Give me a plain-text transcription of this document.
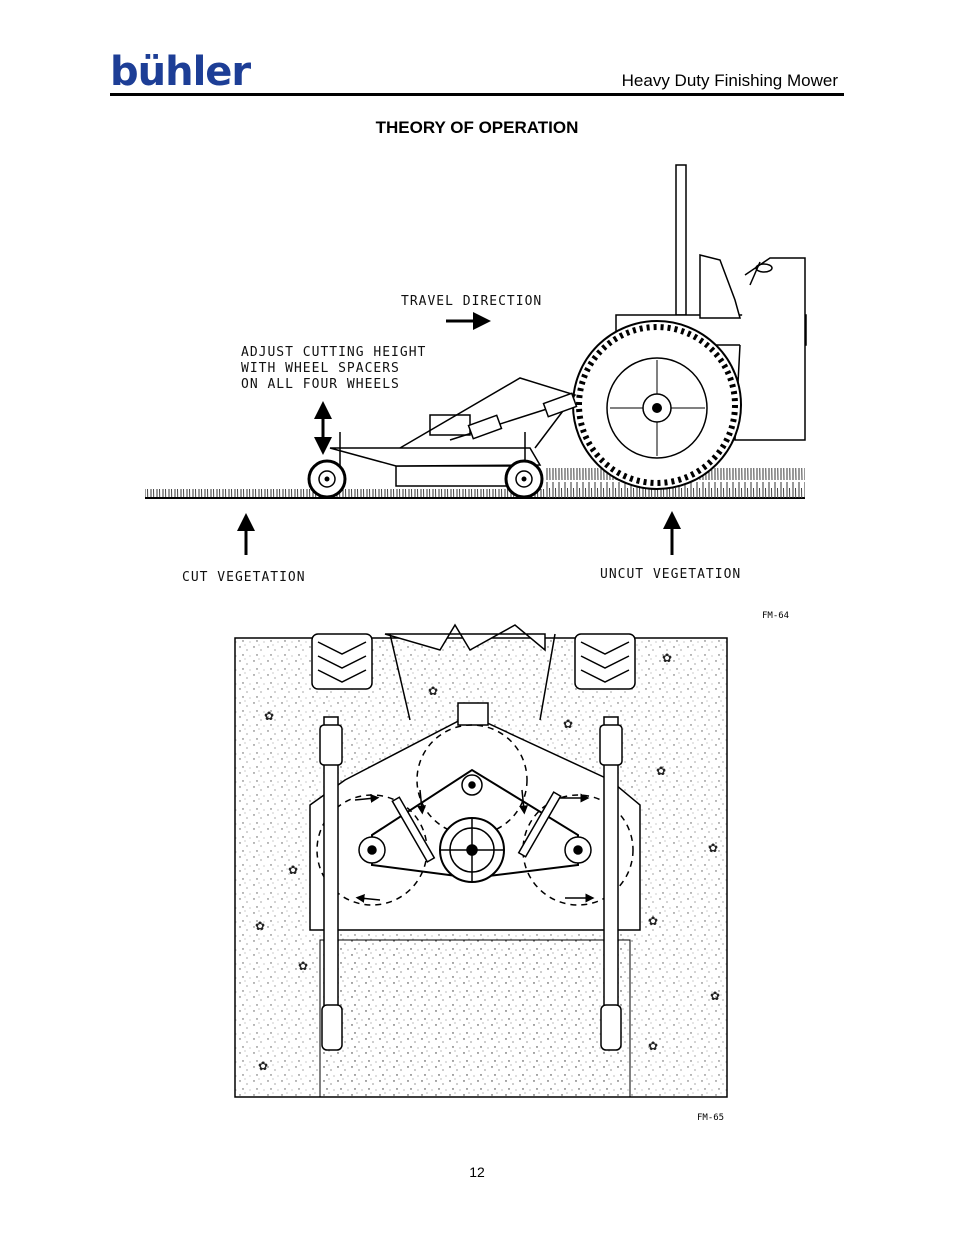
bühler	Heavy Duty Finishing Mower
THEORY OF OPERATION
TRAVEL DIRECTION
ADJUST CUTTING HEIGHT
WITH WHEEL SPACERS
ON ALL FOUR WHEELS
CUT VEGETATION	UNCUT VEGETATION
FM-64
✿
✿
✿
✿
✿
✿
✿
✿
✿
✿
✿
✿
✿
FM-65
12
